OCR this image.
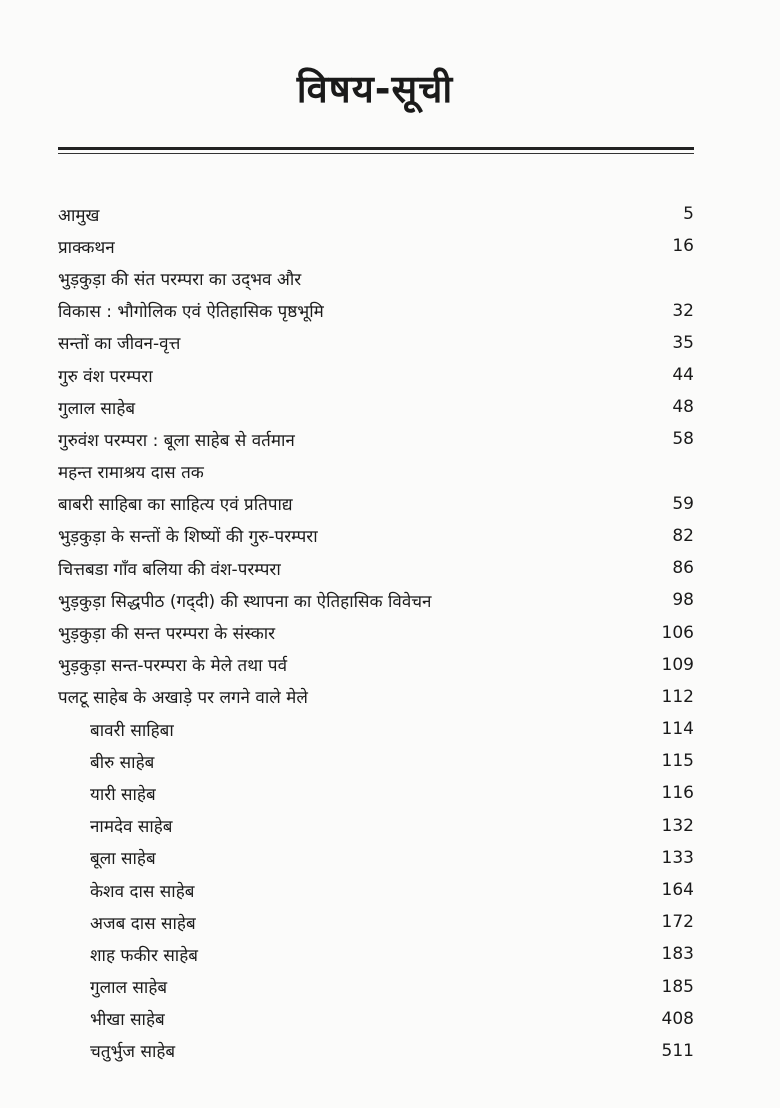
विषय-सूची
आमुख	5
प्राक्कथन	16
भुड़कुड़ा की संत परम्परा का उद्‌भव और
विकास : भौगोलिक एवं ऐतिहासिक पृष्ठभूमि	32
सन्तों का जीवन-वृत्त	35
गुरु वंश परम्परा	44
गुलाल साहेब	48
गुरुवंश परम्परा : बूला साहेब से वर्तमान	58
महन्त रामाश्रय दास तक
बाबरी साहिबा का साहित्य एवं प्रतिपाद्य	59
भुड़कुड़ा के सन्तों के शिष्यों की गुरु-परम्परा	82
चित्तबडा गाँव बलिया की वंश-परम्परा	86
भुड़कुड़ा सिद्धपीठ (गद्‌दी) की स्थापना का ऐतिहासिक विवेचन	98
भुड़कुड़ा की सन्त परम्परा के संस्कार	106
भुड़कुड़ा सन्त-परम्परा के मेले तथा पर्व	109
पलटू साहेब के अखाड़े पर लगने वाले मेले	112
बावरी साहिबा	114
बीरु साहेब	115
यारी साहेब	116
नामदेव साहेब	132
बूला साहेब	133
केशव दास साहेब	164
अजब दास साहेब	172
शाह फकीर साहेब	183
गुलाल साहेब	185
भीखा साहेब	408
चतुर्भुज साहेब	511
